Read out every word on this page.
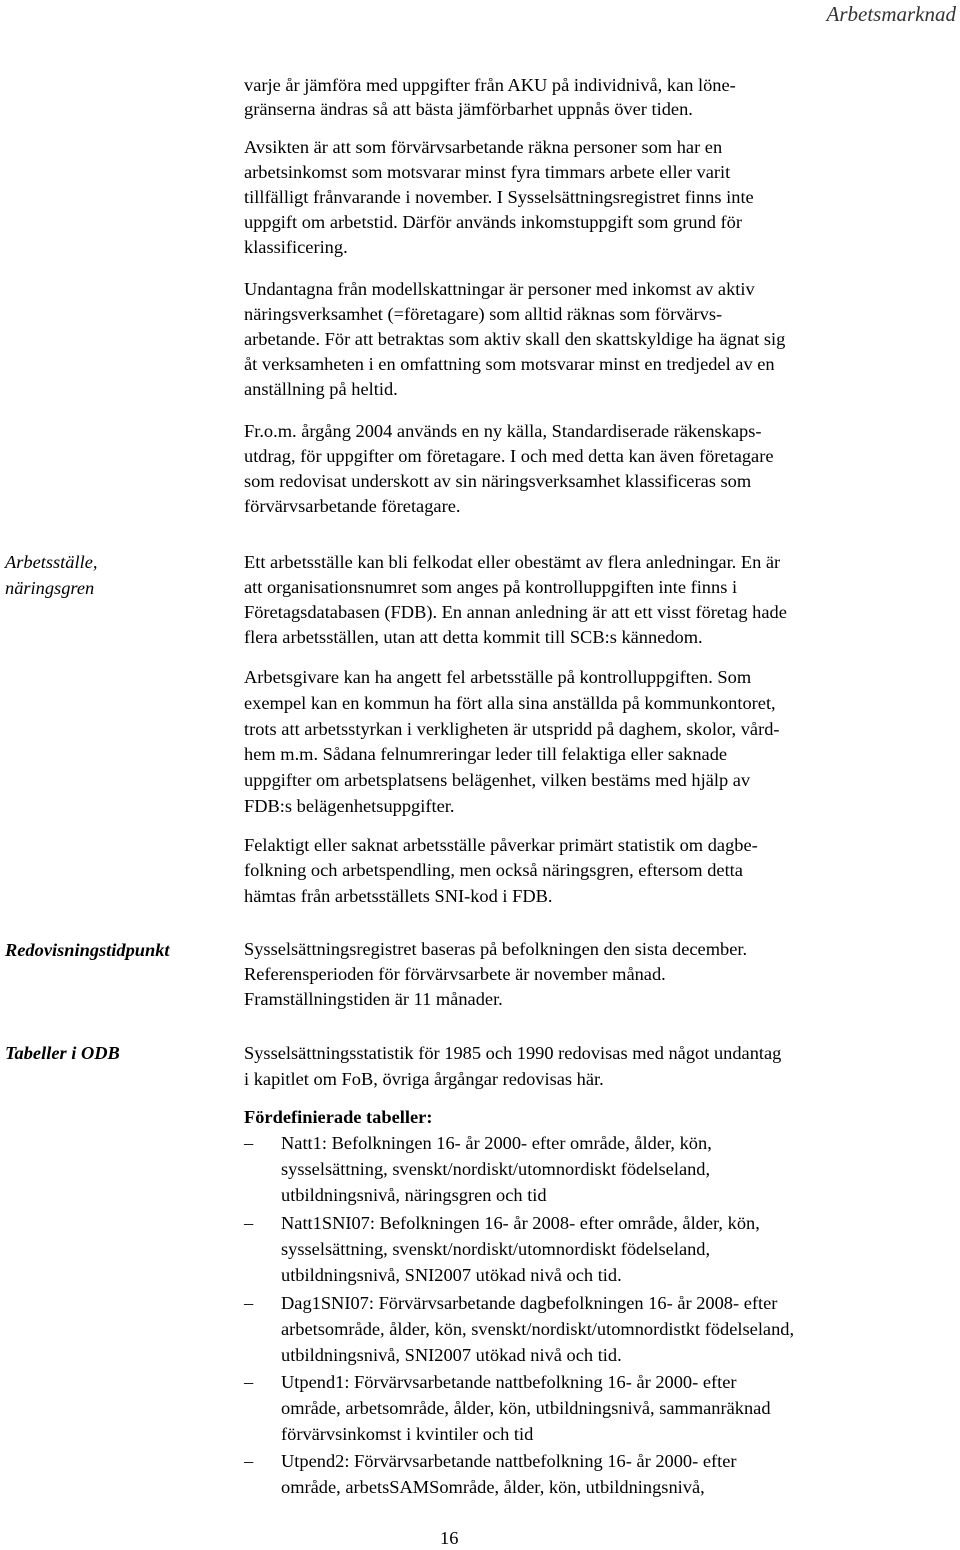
Arbetsmarknad
varje år jämföra med uppgifter från AKU på individnivå, kan löne-
gränserna ändras så att bästa jämförbarhet uppnås över tiden.
Avsikten är att som förvärvsarbetande räkna personer som har en
arbetsinkomst som motsvarar minst fyra timmars arbete eller varit
tillfälligt frånvarande i november. I Sysselsättningsregistret finns inte
uppgift om arbetstid. Därför används inkomstuppgift som grund för
klassificering.
Undantagna från modellskattningar är personer med inkomst av aktiv
näringsverksamhet (=företagare) som alltid räknas som förvärvs-
arbetande. För att betraktas som aktiv skall den skattskyldige ha ägnat sig
åt verksamheten i en omfattning som motsvarar minst en tredjedel av en
anställning på heltid.
Fr.o.m. årgång 2004 används en ny källa, Standardiserade räkenskaps-
utdrag, för uppgifter om företagare. I och med detta kan även företagare
som redovisat underskott av sin näringsverksamhet klassificeras som
förvärvsarbetande företagare.
Arbetsställe,
näringsgren
Ett arbetsställe kan bli felkodat eller obestämt av flera anledningar. En är
att organisationsnumret som anges på kontrolluppgiften inte finns i
Företagsdatabasen (FDB). En annan anledning är att ett visst företag hade
flera arbetsställen, utan att detta kommit till SCB:s kännedom.
Arbetsgivare kan ha angett fel arbetsställe på kontrolluppgiften. Som
exempel kan en kommun ha fört alla sina anställda på kommunkontoret,
trots att arbetsstyrkan i verkligheten är utspridd på daghem, skolor, vård-
hem m.m. Sådana felnumreringar leder till felaktiga eller saknade
uppgifter om arbetsplatsens belägenhet, vilken bestäms med hjälp av
FDB:s belägenhetsuppgifter.
Felaktigt eller saknat arbetsställe påverkar primärt statistik om dagbe-
folkning och arbetspendling, men också näringsgren, eftersom detta
hämtas från arbetsställets SNI-kod i FDB.
Redovisningstidpunkt	Sysselsättningsregistret baseras på befolkningen den sista december.
Referensperioden för förvärvsarbete är november månad.
Framställningstiden är 11 månader.
Tabeller i ODB	Sysselsättningsstatistik för 1985 och 1990 redovisas med något undantag
i kapitlet om FoB, övriga årgångar redovisas här.
Fördefinierade tabeller:
– Natt1: Befolkningen 16- år 2000- efter område, ålder, kön,
sysselsättning, svenskt/nordiskt/utomnordiskt födelseland,
utbildningsnivå, näringsgren och tid
– Natt1SNI07: Befolkningen 16- år 2008- efter område, ålder, kön,
sysselsättning, svenskt/nordiskt/utomnordiskt födelseland,
utbildningsnivå, SNI2007 utökad nivå och tid.
– Dag1SNI07: Förvärvsarbetande dagbefolkningen 16- år 2008- efter
arbetsområde, ålder, kön, svenskt/nordiskt/utomnordistkt födelseland,
utbildningsnivå, SNI2007 utökad nivå och tid.
– Utpend1: Förvärvsarbetande nattbefolkning 16- år 2000- efter
område, arbetsområde, ålder, kön, utbildningsnivå, sammanräknad
förvärvsinkomst i kvintiler och tid
– Utpend2: Förvärvsarbetande nattbefolkning 16- år 2000- efter
område, arbetsSAMSområde, ålder, kön, utbildningsnivå,
16
